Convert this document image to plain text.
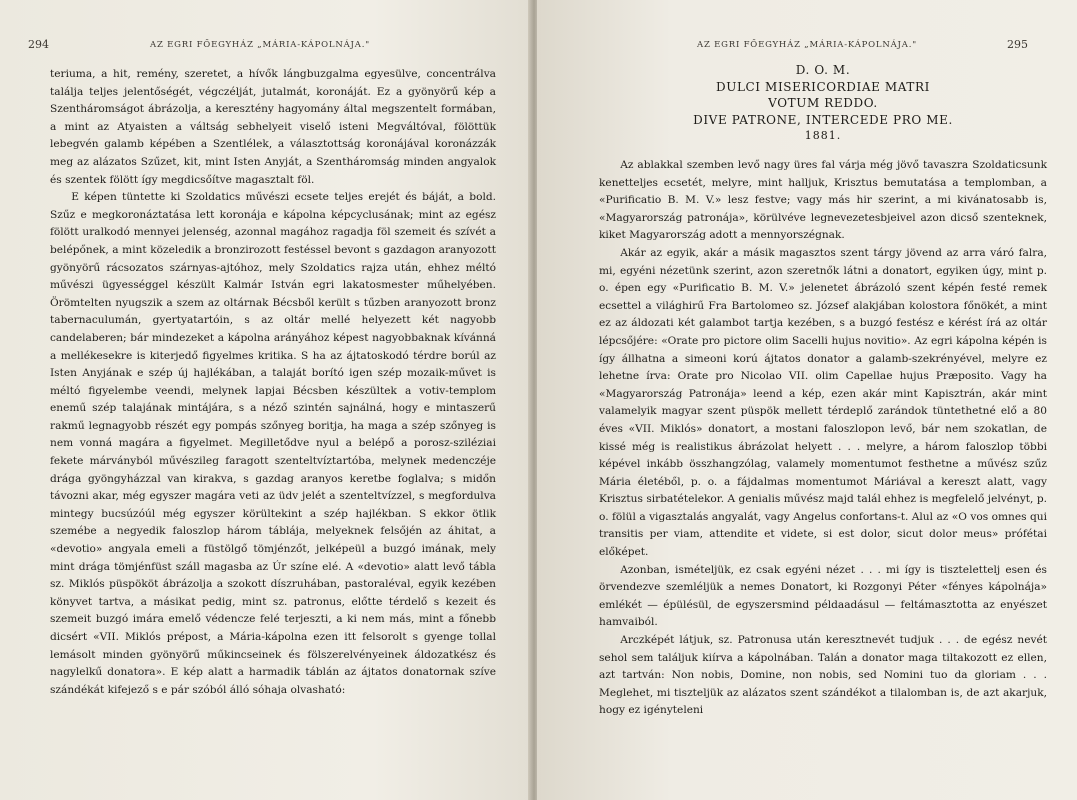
294	AZ EGRI FŐEGYHÁZ „MÁRIA-KÁPOLNÁJA."

teriuma, a hit, remény, szeretet, a hívők lángbuzgalma egyesülve, concentrálva találja teljes jelentőségét, végczélját, jutalmát, koronáját. Ez a gyönyörű kép a Szentháromságot ábrázolja, a keresztény hagyomány által megszentelt formában, a mint az Atyaisten a váltság sebhelyeit viselő isteni Megváltóval, fölöttük lebegvén galamb képében a Szentlélek, a választottság koronájával koronázzák meg az alázatos Szűzet, kit, mint Isten Anyját, a Szentháromság minden angyalok és szentek fölött így megdicsőítve magasztalt föl.

E képen tüntette ki Szoldatics művészi ecsete teljes erejét és báját, a bold. Szűz e megkoronáztatása lett koronája e kápolna képcyclusának; mint az egész fölött uralkodó mennyei jelenség, azonnal magához ragadja föl szemeit és szívét a belépőnek, a mint közeledik a bronzirozott festéssel bevont s gazdagon aranyozott gyönyörű rácsozatos szárnyas-ajtóhoz, mely Szoldatics rajza után, ehhez méltó művészi ügyességgel készült Kalmár István egri lakatosmester műhelyében. Örömtelten nyugszik a szem az oltárnak Bécsből került s tűzben aranyozott bronz tabernaculumán, gyertyatartóin, s az oltár mellé helyezett két nagyobb candelaberen; bár mindezeket a kápolna arányához képest nagyobbaknak kívánná a mellékesekre is kiterjedő figyelmes kritika. S ha az ájtatoskodó térdre borúl az Isten Anyjának e szép új hajlékában, a talaját borító igen szép mozaik-művet is méltó figyelembe veendi, melynek lapjai Bécsben készültek a votiv-templom enemű szép talajának mintájára, s a néző szintén sajnálná, hogy e mintaszerű rakmű legnagyobb részét egy pompás szőnyeg boritja, ha maga a szép szőnyeg is nem vonná magára a figyelmet. Megilletődve nyul a belépő a porosz-sziléziai fekete márványból művészileg faragott szenteltvíztartóba, melynek medenczéje drága gyöngyházzal van kirakva, s gazdag aranyos keretbe foglalva; s midőn távozni akar, még egyszer magára veti az üdv jelét a szenteltvízzel, s megfordulva mintegy bucsúzóúl még egyszer körültekint a szép hajlékban. S ekkor ötlik szemébe a negyedik faloszlop három táblája, melyeknek felsőjén az áhitat, a «devotio» angyala emeli a füstölgő tömjénzőt, jelképeül a buzgó imának, mely mint drága tömjénfüst száll magasba az Úr színe elé. A «devotio» alatt levő tábla sz. Miklós püspököt ábrázolja a szokott díszruhában, pastoraléval, egyik kezében könyvet tartva, a másikat pedig, mint sz. patronus, előtte térdelő s kezeit és szemeit buzgó imára emelő védencze felé terjeszti, a ki nem más, mint a főnebb dicsért «VII. Miklós prépost, a Mária-kápolna ezen itt felsorolt s gyenge tollal lemásolt minden gyönyörű műkincseinek és fölszerelvényeinek áldozatkész és nagylelkű donatora». E kép alatt a harmadik táblán az ájtatos donatornak szíve szándékát kifejező s e pár szóból álló sóhaja olvasható:

AZ EGRI FŐEGYHÁZ „MÁRIA-KÁPOLNÁJA."	295
D. O. M.
DULCI MISERICORDIAE MATRI
VOTUM REDDO.
DIVE PATRONE, INTERCEDE PRO ME.
1881.

Az ablakkal szemben levő nagy üres fal várja még jövő tavaszra Szoldaticsunk kenetteljes ecsetét, melyre, mint halljuk, Krisztus bemutatása a templomban, a «Purificatio B. M. V.» lesz festve; vagy más hir szerint, a mi kivánatosabb is, «Magyarország patronája», körülvéve legnevezetesbjeivel azon dicső szenteknek, kiket Magyarország adott a mennyorszégnak.

Akár az egyik, akár a másik magasztos szent tárgy jövend az arra váró falra, mi, egyéni nézetünk szerint, azon szeretnők látni a donatort, egyiken úgy, mint p. o. épen egy «Purificatio B. M. V.» jelenetet ábrázoló szent képén festé remek ecsettel a világhirű Fra Bartolomeo sz. József alakjában kolostora főnökét, a mint ez az áldozati két galambot tartja kezében, s a buzgó festész e kérést írá az oltár lépcsőjére: «Orate pro pictore olim Sacelli hujus novitio». Az egri kápolna képén is így állhatna a simeoni korú ájtatos donator a galamb-szekrényével, melyre ez lehetne írva: Orate pro Nicolao VII. olim Capellae hujus Præposito. Vagy ha «Magyarország Patronája» leend a kép, ezen akár mint Kapisztrán, akár mint valamelyik magyar szent püspök mellett térdeplő zarándok tüntethetné elő a 80 éves «VII. Miklós» donatort, a mostani faloszlopon levő, bár nem szokatlan, de kissé még is realistikus ábrázolat helyett . . . melyre, a három faloszlop többi képével inkább összhangzólag, valamely momentumot festhetne a művész szűz Mária életéből, p. o. a fájdalmas momentumot Máriával a kereszt alatt, vagy Krisztus sirbatételekor. A genialis művész majd talál ehhez is megfelelő jelvényt, p. o. fölül a vigasztalás angyalát, vagy Angelus confortans-t. Alul az «O vos omnes qui transitis per viam, attendite et videte, si est dolor, sicut dolor meus» prófétai előképet.

Azonban, ismételjük, ez csak egyéni nézet . . . mi így is tisztelettelj esen és örvendezve szemléljük a nemes Donatort, ki Rozgonyi Péter «fényes kápolnája» emlékét — épülésül, de egyszersmind példaadásul — feltámasztotta az enyészet hamvaiból.

Arczképét látjuk, sz. Patronusa után keresztnevét tudjuk . . . de egész nevét sehol sem találjuk kiírva a kápolnában. Talán a donator maga tiltakozott ez ellen, azt tartván: Non nobis, Domine, non nobis, sed Nomini tuo da gloriam . . . Meglehet, mi tiszteljük az alázatos szent szándékot a tilalomban is, de azt akarjuk, hogy ez igényteleni
